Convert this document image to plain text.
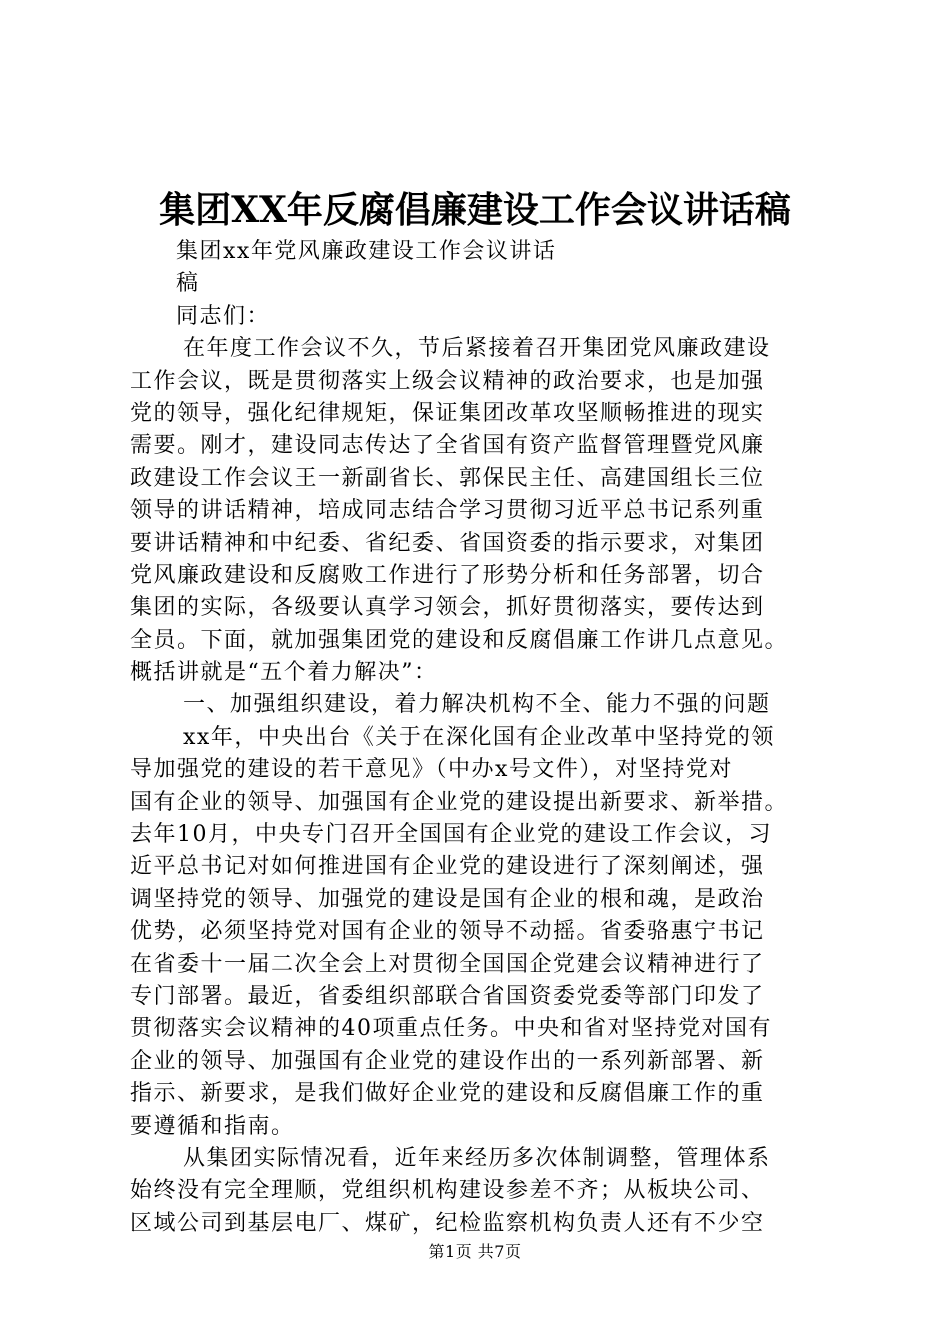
集团XX年反腐倡廉建设工作会议讲话稿
集团xx年党风廉政建设工作会议讲话
稿
同志们：
在年度工作会议不久，节后紧接着召开集团党风廉政建设
工作会议，既是贯彻落实上级会议精神的政治要求，也是加强
党的领导，强化纪律规矩，保证集团改革攻坚顺畅推进的现实
需要。刚才，建设同志传达了全省国有资产监督管理暨党风廉
政建设工作会议王一新副省长、郭保民主任、高建国组长三位
领导的讲话精神，培成同志结合学习贯彻习近平总书记系列重
要讲话精神和中纪委、省纪委、省国资委的指示要求，对集团
党风廉政建设和反腐败工作进行了形势分析和任务部署，切合
集团的实际，各级要认真学习领会，抓好贯彻落实，要传达到
全员。下面，就加强集团党的建设和反腐倡廉工作讲几点意见。
概括讲就是“五个着力解决”：
一、加强组织建设，着力解决机构不全、能力不强的问题
xx年，中央出台《关于在深化国有企业改革中坚持党的领
导加强党的建设的若干意见》（中办x号文件），对坚持党对
国有企业的领导、加强国有企业党的建设提出新要求、新举措。
去年10月，中央专门召开全国国有企业党的建设工作会议，习
近平总书记对如何推进国有企业党的建设进行了深刻阐述，强
调坚持党的领导、加强党的建设是国有企业的根和魂，是政治
优势，必须坚持党对国有企业的领导不动摇。省委骆惠宁书记
在省委十一届二次全会上对贯彻全国国企党建会议精神进行了
专门部署。最近，省委组织部联合省国资委党委等部门印发了
贯彻落实会议精神的40项重点任务。中央和省对坚持党对国有
企业的领导、加强国有企业党的建设作出的一系列新部署、新
指示、新要求，是我们做好企业党的建设和反腐倡廉工作的重
要遵循和指南。
从集团实际情况看，近年来经历多次体制调整，管理体系
始终没有完全理顺，党组织机构建设参差不齐；从板块公司、
区域公司到基层电厂、煤矿，纪检监察机构负责人还有不少空
第1页 共7页
